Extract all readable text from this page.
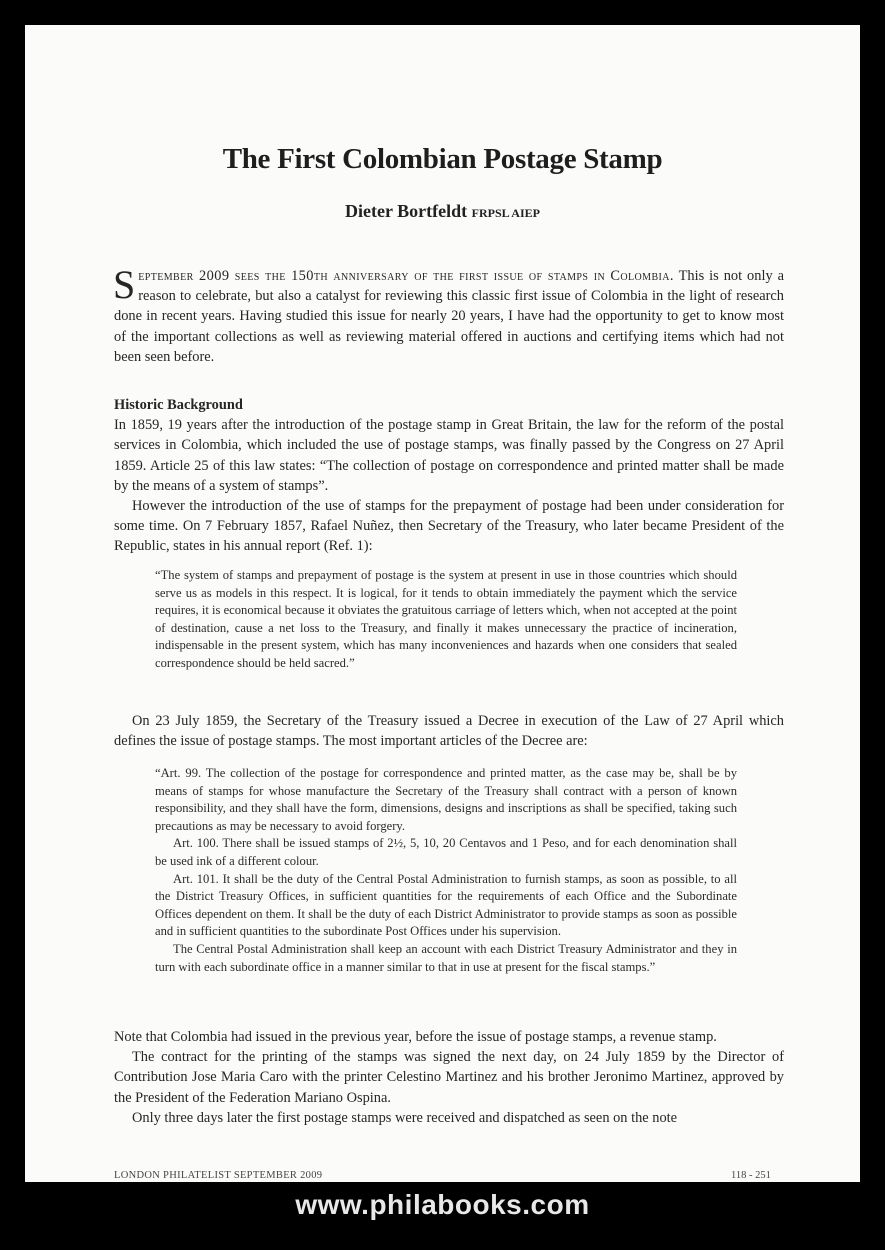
The First Colombian Postage Stamp
Dieter Bortfeldt FRPSL AIEP
September 2009 sees the 150th anniversary of the first issue of stamps in Colombia. This is not only a reason to celebrate, but also a catalyst for reviewing this classic first issue of Colombia in the light of research done in recent years. Having studied this issue for nearly 20 years, I have had the opportunity to get to know most of the important collections as well as reviewing material offered in auctions and certifying items which had not been seen before.

Historic Background

In 1859, 19 years after the introduction of the postage stamp in Great Britain, the law for the reform of the postal services in Colombia, which included the use of postage stamps, was finally passed by the Congress on 27 April 1859. Article 25 of this law states: “The collection of postage on correspondence and printed matter shall be made by the means of a system of stamps”.

However the introduction of the use of stamps for the prepayment of postage had been under consideration for some time. On 7 February 1857, Rafael Nuñez, then Secretary of the Treasury, who later became President of the Republic, states in his annual report (Ref. 1):

“The system of stamps and prepayment of postage is the system at present in use in those countries which should serve us as models in this respect. It is logical, for it tends to obtain immediately the payment which the service requires, it is economical because it obviates the gratuitous carriage of letters which, when not accepted at the point of destination, cause a net loss to the Treasury, and finally it makes unnecessary the practice of incineration, indispensable in the present system, which has many inconveniences and hazards when one considers that sealed correspondence should be held sacred.”

On 23 July 1859, the Secretary of the Treasury issued a Decree in execution of the Law of 27 April which defines the issue of postage stamps. The most important articles of the Decree are:

“Art. 99. The collection of the postage for correspondence and printed matter, as the case may be, shall be by means of stamps for whose manufacture the Secretary of the Treasury shall contract with a person of known responsibility, and they shall have the form, dimensions, designs and inscriptions as shall be specified, taking such precautions as may be necessary to avoid forgery.

Art. 100. There shall be issued stamps of 2½, 5, 10, 20 Centavos and 1 Peso, and for each denomination shall be used ink of a different colour.

Art. 101. It shall be the duty of the Central Postal Administration to furnish stamps, as soon as possible, to all the District Treasury Offices, in sufficient quantities for the requirements of each Office and the Subordinate Offices dependent on them. It shall be the duty of each District Administrator to provide stamps as soon as possible and in sufficient quantities to the subordinate Post Offices under his supervision.

The Central Postal Administration shall keep an account with each District Treasury Administrator and they in turn with each subordinate office in a manner similar to that in use at present for the fiscal stamps.”

Note that Colombia had issued in the previous year, before the issue of postage stamps, a revenue stamp.

The contract for the printing of the stamps was signed the next day, on 24 July 1859 by the Director of Contribution Jose Maria Caro with the printer Celestino Martinez and his brother Jeronimo Martinez, approved by the President of the Federation Mariano Ospina.

Only three days later the first postage stamps were received and dispatched as seen on the note

LONDON PHILATELIST SEPTEMBER 2009	118 - 251
www.philabooks.com
